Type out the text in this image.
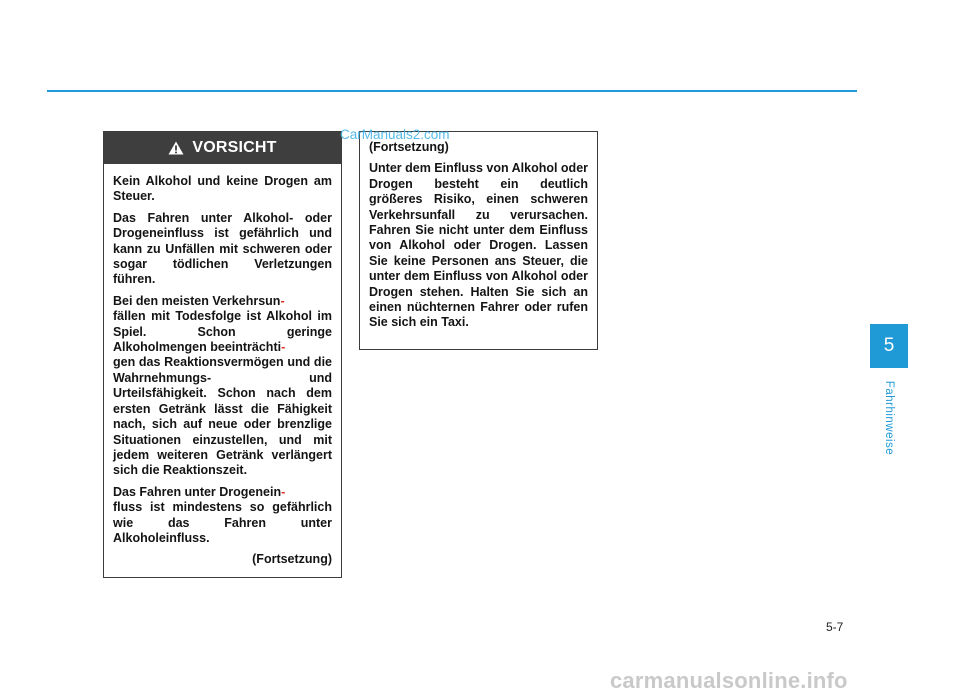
VORSICHT

Kein Alkohol und keine Drogen am Steuer.

Das Fahren unter Alkohol- oder Drogeneinfluss ist gefährlich und kann zu Unfällen mit schweren oder sogar tödlichen Verletzungen führen.

Bei den meisten Verkehrsun-
fällen mit Todesfolge ist Alkohol im Spiel. Schon geringe Alkoholmengen beeinträchti-
gen das Reaktionsvermögen und die Wahrnehmungs- und Urteilsfähigkeit. Schon nach dem ersten Getränk lässt die Fähigkeit nach, sich auf neue oder brenzlige Situationen einzustellen, und mit jedem weiteren Getränk verlängert sich die Reaktionszeit.

Das Fahren unter Drogenein-
fluss ist mindestens so gefährlich wie das Fahren unter Alkoholeinfluss.

(Fortsetzung)

(Fortsetzung)

Unter dem Einfluss von Alkohol oder Drogen besteht ein deutlich größeres Risiko, einen schweren Verkehrsunfall zu verursachen. Fahren Sie nicht unter dem Einfluss von Alkohol oder Drogen. Lassen Sie keine Personen ans Steuer, die unter dem Einfluss von Alkohol oder Drogen stehen. Halten Sie sich an einen nüchternen Fahrer oder rufen Sie sich ein Taxi.

CarManuals2.com
5
Fahrhinweise
5-7
carmanualsonline.info
